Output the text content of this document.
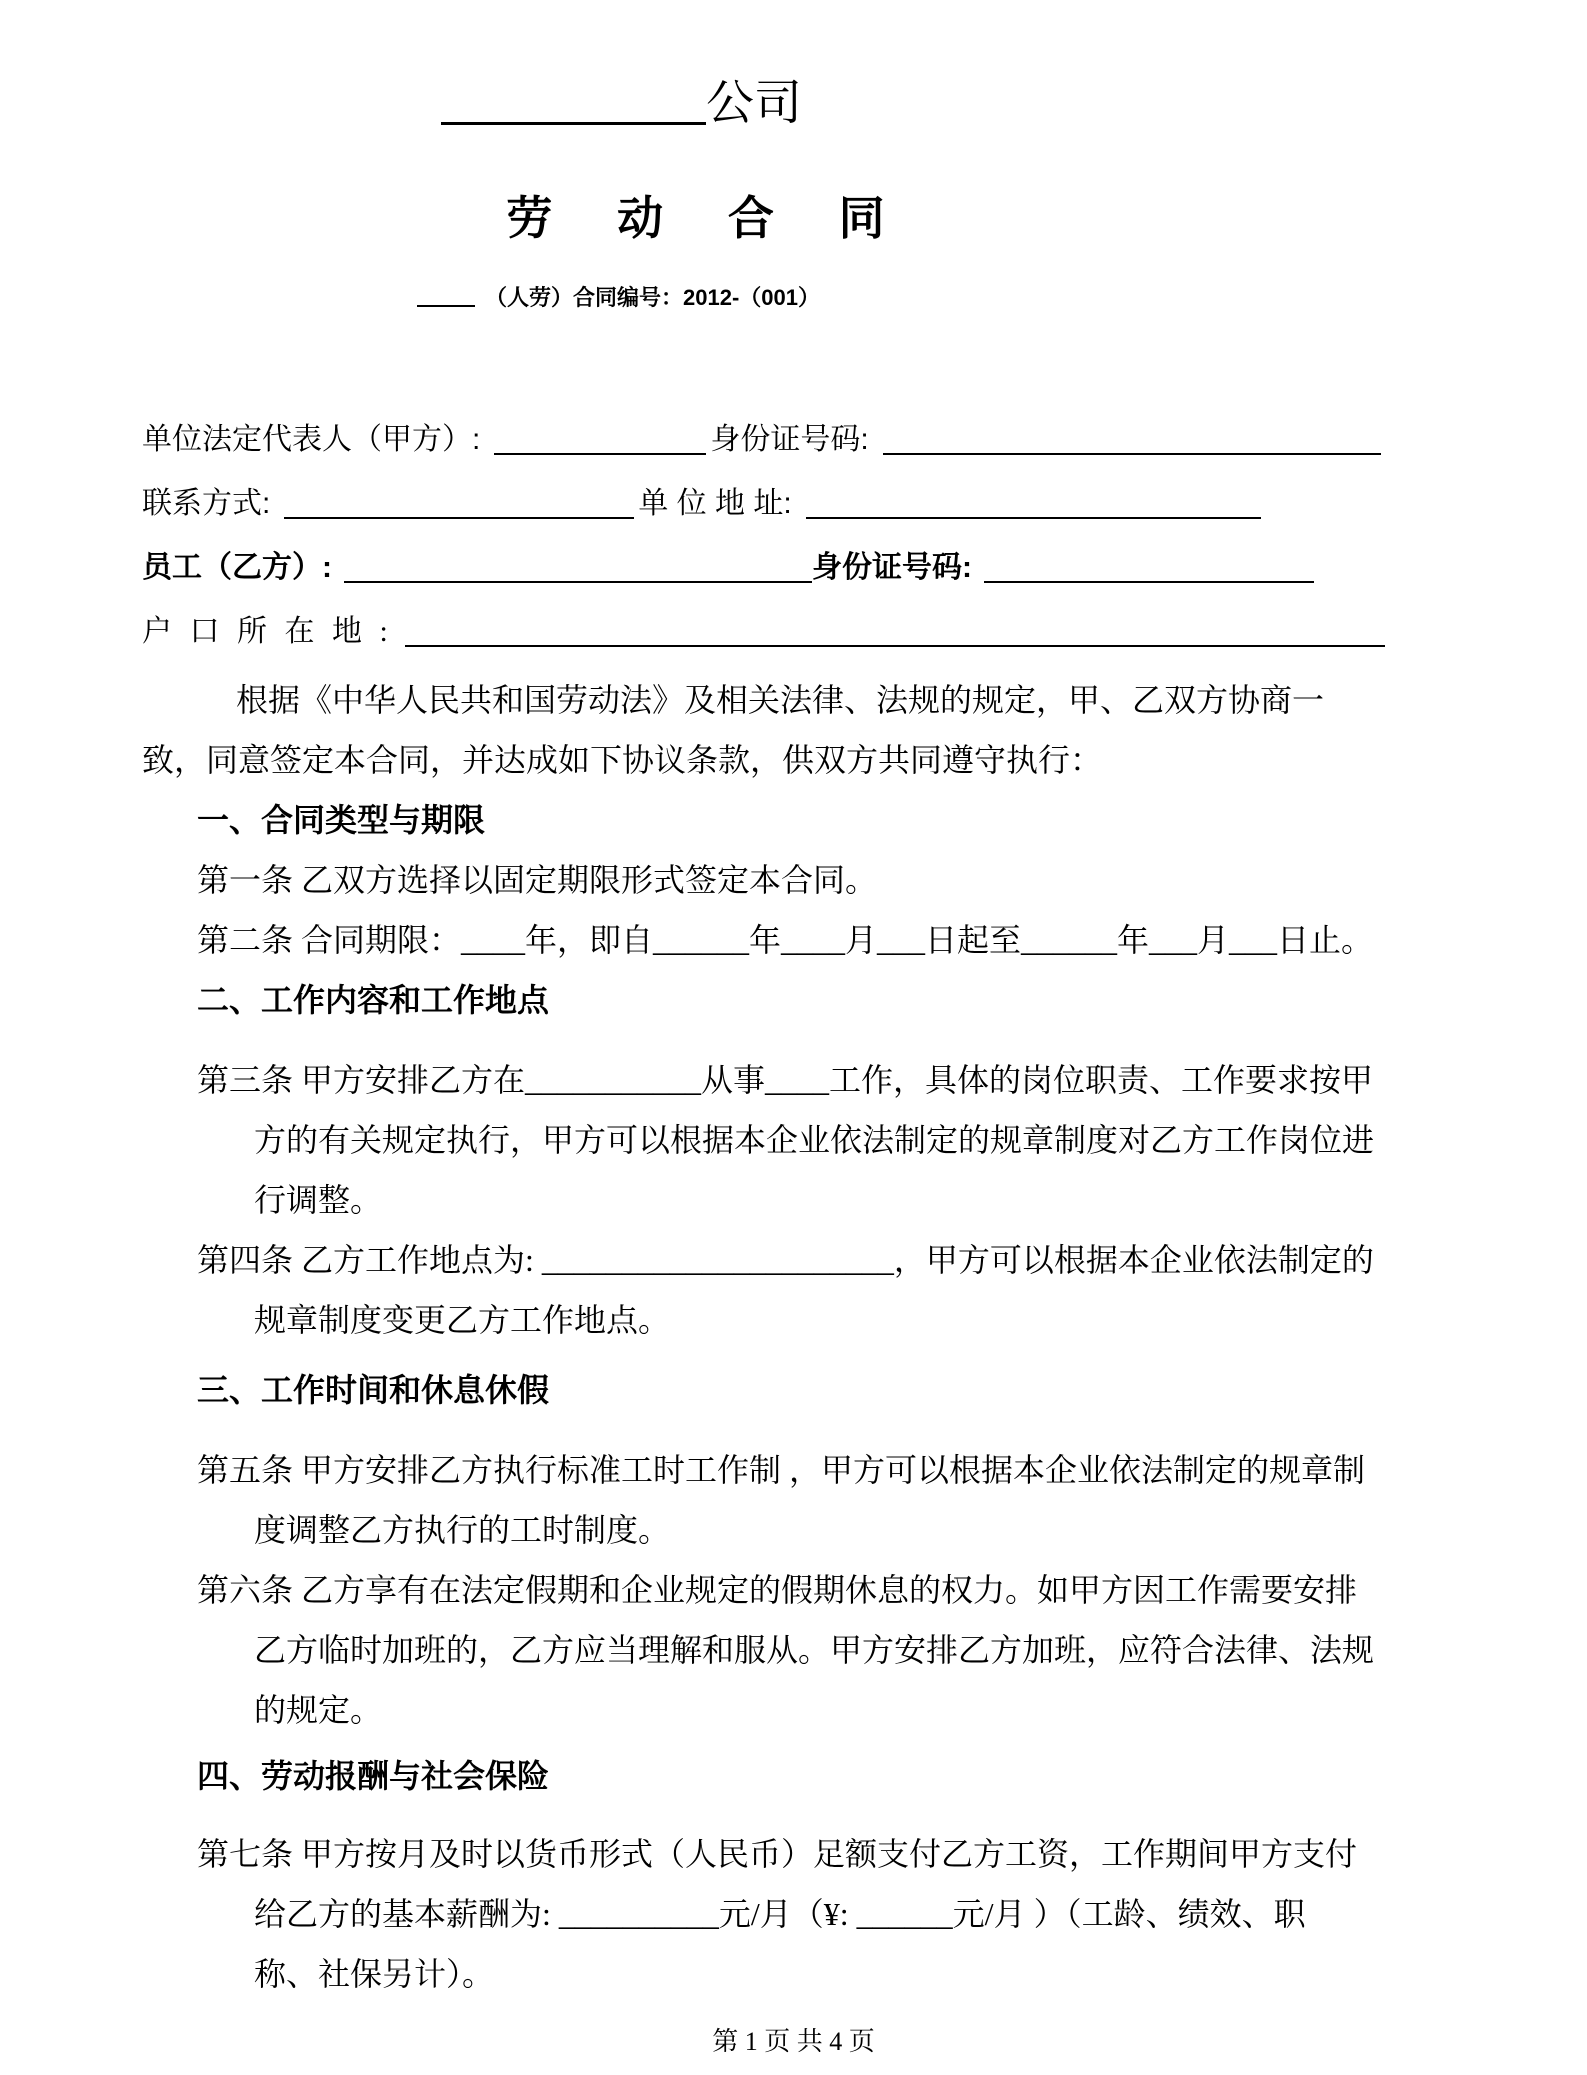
公司
劳 动 合 同
（人劳）合同编号：2012-（001）
单位法定代表人（甲方）:	身份证号码:
联系方式:	单 位 地 址:
员工（乙方）:	身份证号码:
户 口 所 在 地 :
根据《中华人民共和国劳动法》及相关法律、法规的规定，甲、乙双方协商一
致，同意签定本合同，并达成如下协议条款，供双方共同遵守执行：
一、合同类型与期限
第一条 乙双方选择以固定期限形式签定本合同。
第二条 合同期限：____年，即自______年____月___日起至______年___月___日止。
二、工作内容和工作地点
第三条 甲方安排乙方在___________从事____工作，具体的岗位职责、工作要求按甲
方的有关规定执行，甲方可以根据本企业依法制定的规章制度对乙方工作岗位进
行调整。
第四条 乙方工作地点为: ______________________，甲方可以根据本企业依法制定的
规章制度变更乙方工作地点。
三、工作时间和休息休假
第五条 甲方安排乙方执行标准工时工作制 ，甲方可以根据本企业依法制定的规章制
度调整乙方执行的工时制度。
第六条 乙方享有在法定假期和企业规定的假期休息的权力。如甲方因工作需要安排
乙方临时加班的，乙方应当理解和服从。甲方安排乙方加班，应符合法律、法规
的规定。
四、劳动报酬与社会保险
第七条 甲方按月及时以货币形式（人民币）足额支付乙方工资，工作期间甲方支付
给乙方的基本薪酬为: __________元/月（¥: ______元/月 ）（工龄、绩效、职
称、社保另计）。
第 1 页 共 4 页
